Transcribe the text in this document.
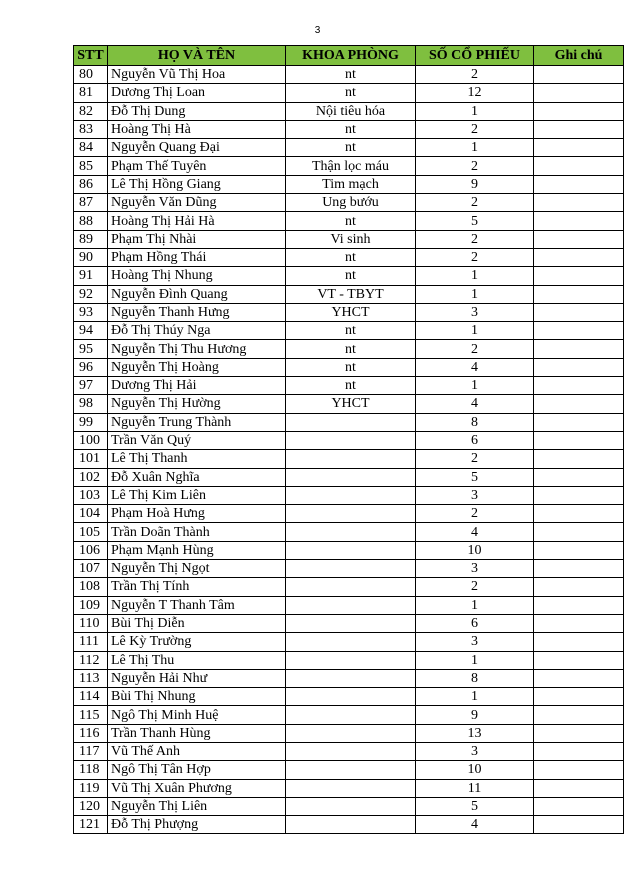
3
STT	HỌ VÀ TÊN	KHOA PHÒNG	SỐ CỔ PHIẾU	Ghi chú
80	Nguyễn Vũ Thị Hoa	nt	2	
81	Dương Thị Loan	nt	12	
82	Đỗ Thị Dung	Nội tiêu hóa	1	
83	Hoàng Thị Hà	nt	2	
84	Nguyễn Quang Đại	nt	1	
85	Phạm Thế Tuyên	Thận lọc máu	2	
86	Lê Thị Hồng Giang	Tim mạch	9	
87	Nguyễn Văn Dũng	Ung bướu	2	
88	Hoàng Thị Hải Hà	nt	5	
89	Phạm Thị Nhài	Vi sinh	2	
90	Phạm Hồng Thái	nt	2	
91	Hoàng Thị Nhung	nt	1	
92	Nguyễn Đình Quang	VT - TBYT	1	
93	Nguyễn Thanh Hưng	YHCT	3	
94	Đỗ Thị Thúy Nga	nt	1	
95	Nguyễn Thị Thu Hương	nt	2	
96	Nguyễn Thị Hoàng	nt	4	
97	Dương Thị Hải	nt	1	
98	Nguyễn Thị Hường	YHCT	4	
99	Nguyễn Trung Thành		8	
100	Trần Văn Quý		6	
101	Lê Thị Thanh		2	
102	Đỗ Xuân Nghĩa		5	
103	Lê Thị Kim Liên		3	
104	Phạm Hoà Hưng		2	
105	Trần Doãn Thành		4	
106	Phạm Mạnh Hùng		10	
107	Nguyễn Thị Ngọt		3	
108	Trần Thị Tính		2	
109	Nguyễn T Thanh Tâm		1	
110	Bùi Thị Diễn		6	
111	Lê Kỳ Trường		3	
112	Lê Thị Thu		1	
113	Nguyễn Hải Như		8	
114	Bùi Thị Nhung		1	
115	Ngô Thị Minh Huệ		9	
116	Trần Thanh Hùng		13	
117	Vũ Thế Anh		3	
118	Ngô Thị Tân Hợp		10	
119	Vũ Thị Xuân Phương		11	
120	Nguyễn Thị Liên		5	
121	Đỗ Thị Phượng		4	
